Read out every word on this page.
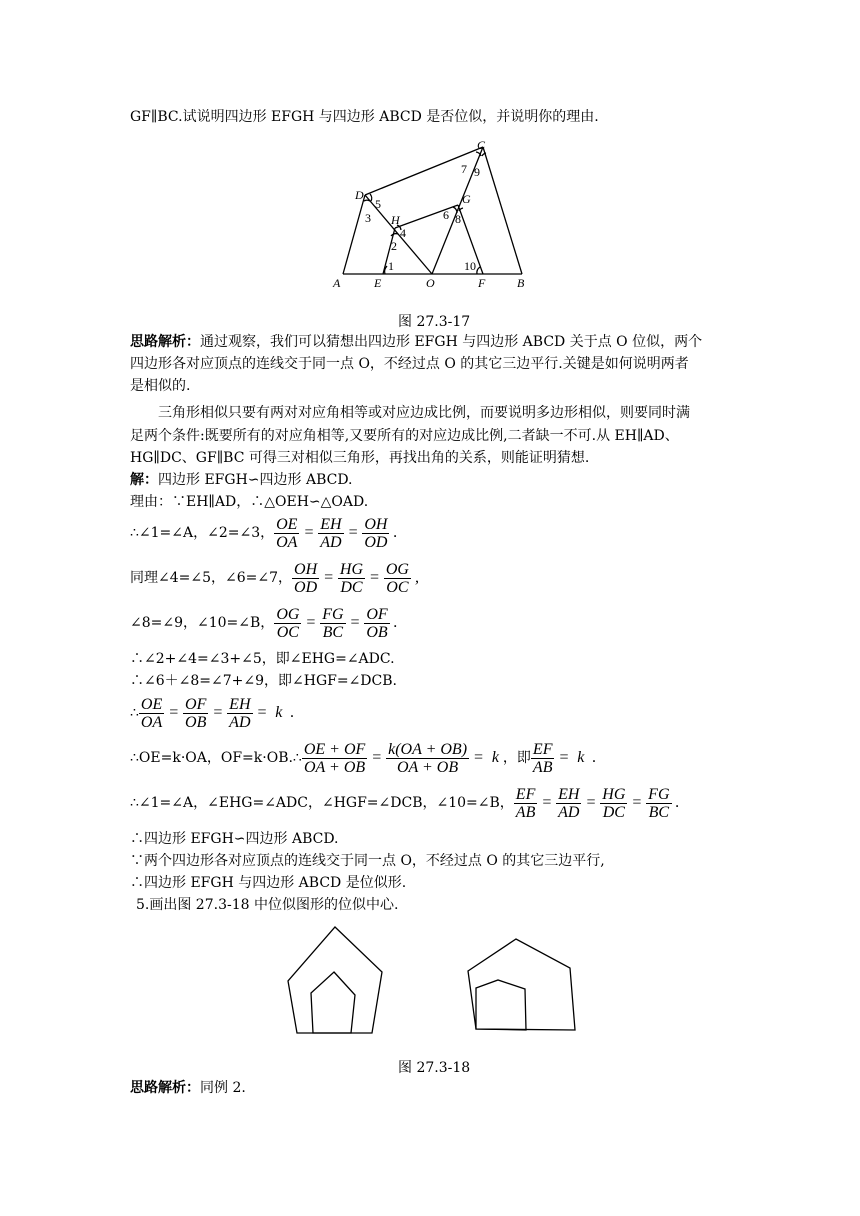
GF∥BC.试说明四边形 EFGH 与四边形 ABCD 是否位似，并说明你的理由.
A	E	O	F	B
C
D
H
G
1
2
3
4
5
6 8
7 9
10
图 27.3-17
思路解析：通过观察，我们可以猜想出四边形 EFGH 与四边形 ABCD 关于点 O 位似，两个
四边形各对应顶点的连线交于同一点 O，不经过点 O 的其它三边平行.关键是如何说明两者
是相似的.
三角形相似只要有两对对应角相等或对应边成比例，而要说明多边形相似，则要同时满
足两个条件:既要所有的对应角相等,又要所有的对应边成比例,二者缺一不可.从 EH∥AD、
HG∥DC、GF∥BC 可得三对相似三角形，再找出角的关系，则能证明猜想.
解：四边形 EFGH∽四边形 ABCD.
理由：∵EH∥AD，∴△OEH∽△OAD.
∴∠1=∠A，∠2=∠3， $\frac{OE}{OA} = \frac{EH}{AD} = \frac{OH}{OD}$ .
同理∠4=∠5，∠6=∠7， $\frac{OH}{OD} = \frac{HG}{DC} = \frac{OG}{OC}$ ,
∠8=∠9，∠10=∠B， $\frac{OG}{OC} = \frac{FG}{BC} = \frac{OF}{OB}$ .
∴∠2+∠4=∠3+∠5，即∠EHG=∠ADC.
∴∠6＋∠8=∠7+∠9，即∠HGF=∠DCB.
∴ $\frac{OE}{OA} = \frac{OF}{OB} = \frac{EH}{AD} = k$ .
∴OE=k·OA，OF=k·OB.∴ $\frac{OE + OF}{OA + OB} = \frac{k(OA + OB)}{OA + OB} = k$ ，即 $\frac{EF}{AB} = k$ .
∴∠1=∠A，∠EHG=∠ADC，∠HGF=∠DCB，∠10=∠B， $\frac{EF}{AB} = \frac{EH}{AD} = \frac{HG}{DC} = \frac{FG}{BC}$ .
∴四边形 EFGH∽四边形 ABCD.
∵两个四边形各对应顶点的连线交于同一点 O，不经过点 O 的其它三边平行,
∴四边形 EFGH 与四边形 ABCD 是位似形.
5.画出图 27.3-18 中位似图形的位似中心.
图 27.3-18
思路解析：同例 2.
